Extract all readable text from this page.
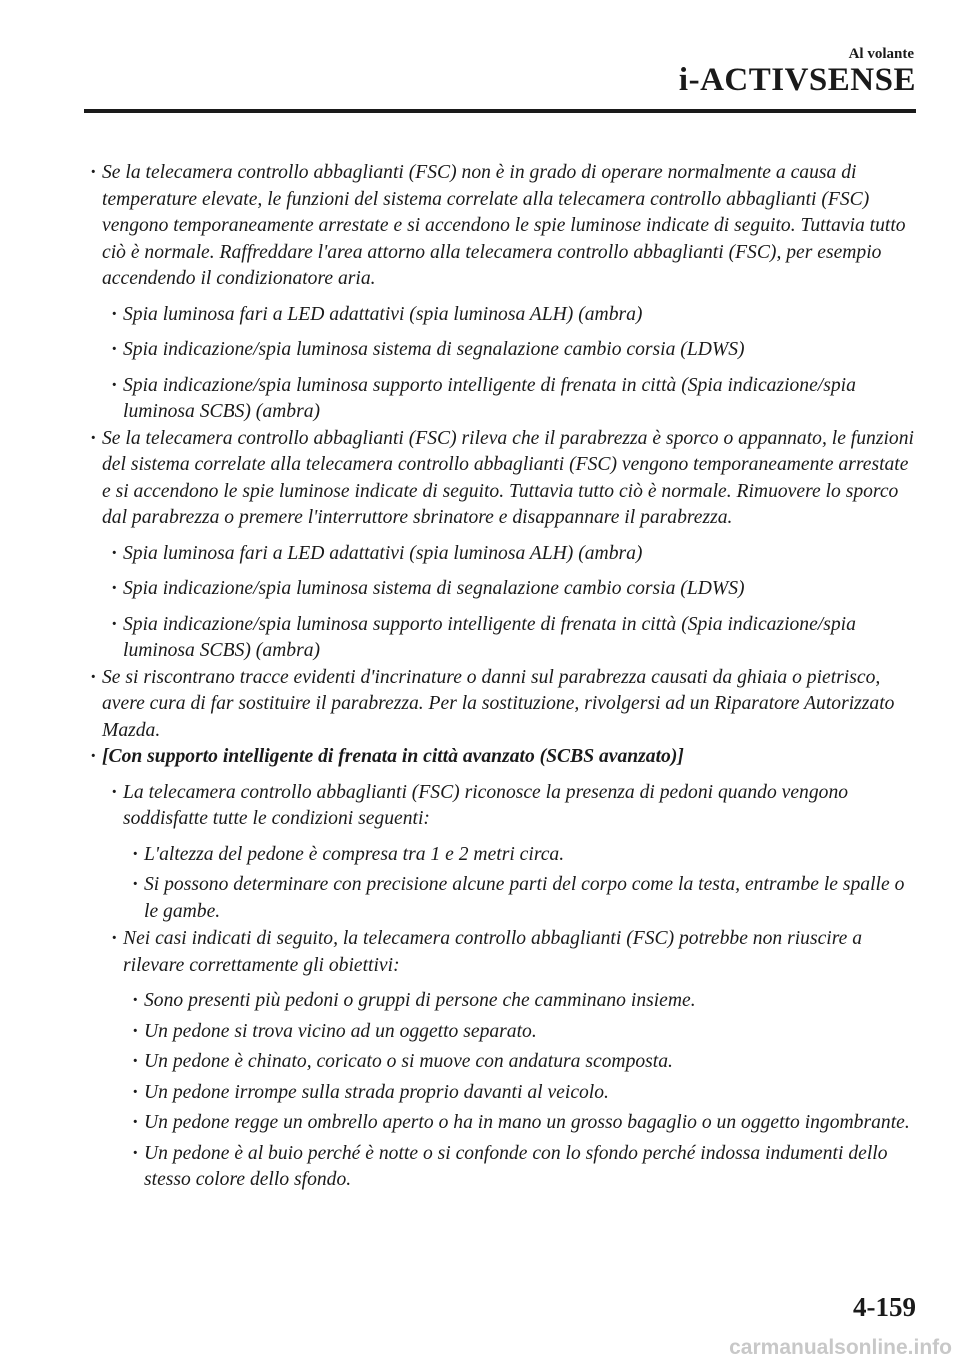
Al volante
i-ACTIVSENSE
· Se la telecamera controllo abbaglianti (FSC) non è in grado di operare normalmente a causa di temperature elevate, le funzioni del sistema correlate alla telecamera controllo abbaglianti (FSC) vengono temporaneamente arrestate e si accendono le spie luminose indicate di seguito. Tuttavia tutto ciò è normale. Raffreddare l'area attorno alla telecamera controllo abbaglianti (FSC), per esempio accendendo il condizionatore aria.
· Spia luminosa fari a LED adattativi (spia luminosa ALH) (ambra)
· Spia indicazione/spia luminosa sistema di segnalazione cambio corsia (LDWS)
· Spia indicazione/spia luminosa supporto intelligente di frenata in città (Spia indicazione/spia luminosa SCBS) (ambra)
· Se la telecamera controllo abbaglianti (FSC) rileva che il parabrezza è sporco o appannato, le funzioni del sistema correlate alla telecamera controllo abbaglianti (FSC) vengono temporaneamente arrestate e si accendono le spie luminose indicate di seguito. Tuttavia tutto ciò è normale. Rimuovere lo sporco dal parabrezza o premere l'interruttore sbrinatore e disappannare il parabrezza.
· Spia luminosa fari a LED adattativi (spia luminosa ALH) (ambra)
· Spia indicazione/spia luminosa sistema di segnalazione cambio corsia (LDWS)
· Spia indicazione/spia luminosa supporto intelligente di frenata in città (Spia indicazione/spia luminosa SCBS) (ambra)
· Se si riscontrano tracce evidenti d'incrinature o danni sul parabrezza causati da ghiaia o pietrisco, avere cura di far sostituire il parabrezza. Per la sostituzione, rivolgersi ad un Riparatore Autorizzato Mazda.
· [Con supporto intelligente di frenata in città avanzato (SCBS avanzato)]
· La telecamera controllo abbaglianti (FSC) riconosce la presenza di pedoni quando vengono soddisfatte tutte le condizioni seguenti:
· L'altezza del pedone è compresa tra 1 e 2 metri circa.
· Si possono determinare con precisione alcune parti del corpo come la testa, entrambe le spalle o le gambe.
· Nei casi indicati di seguito, la telecamera controllo abbaglianti (FSC) potrebbe non riuscire a rilevare correttamente gli obiettivi:
· Sono presenti più pedoni o gruppi di persone che camminano insieme.
· Un pedone si trova vicino ad un oggetto separato.
· Un pedone è chinato, coricato o si muove con andatura scomposta.
· Un pedone irrompe sulla strada proprio davanti al veicolo.
· Un pedone regge un ombrello aperto o ha in mano un grosso bagaglio o un oggetto ingombrante.
· Un pedone è al buio perché è notte o si confonde con lo sfondo perché indossa indumenti dello stesso colore dello sfondo.
4-159
carmanualsonline.info
